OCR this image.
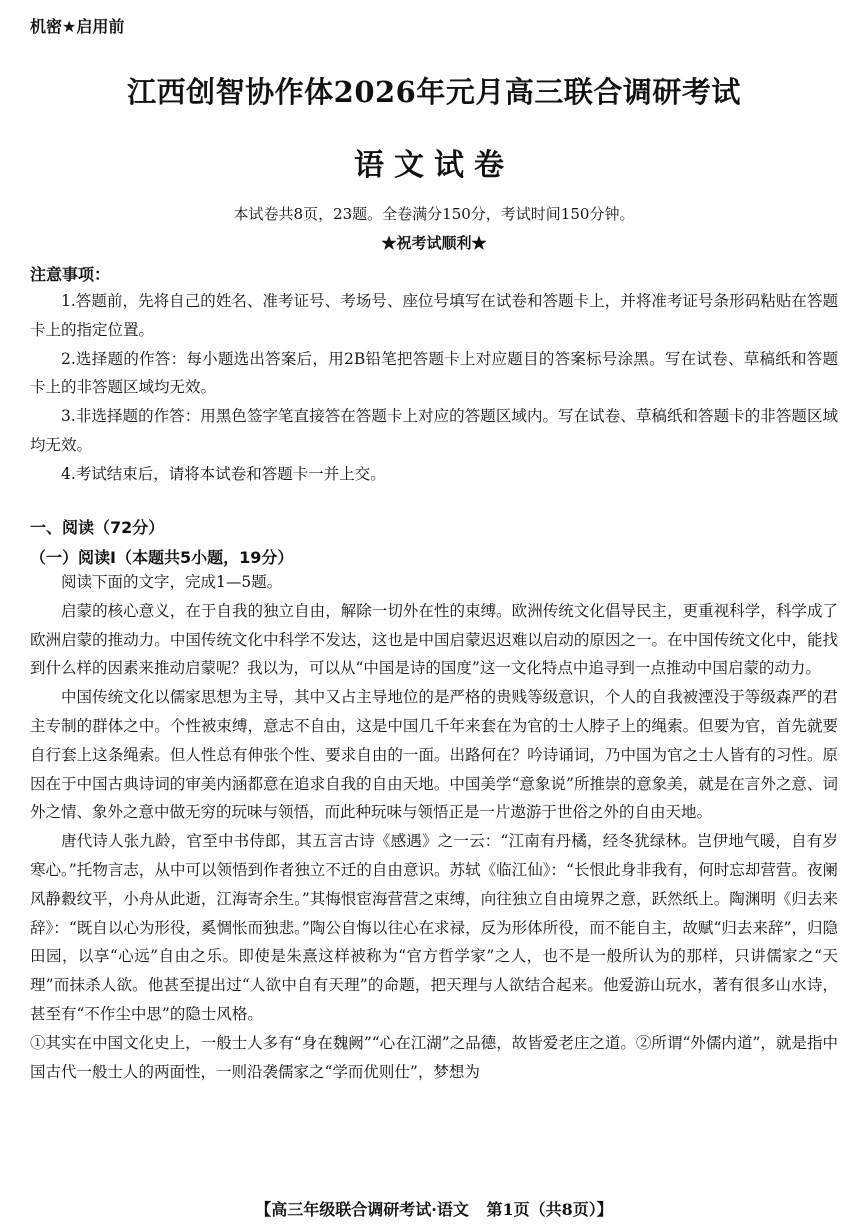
机密★启用前
江西创智协作体2026年元月高三联合调研考试
语文试卷
本试卷共8页，23题。全卷满分150分，考试时间150分钟。
★祝考试顺利★
注意事项：

1.答题前，先将自己的姓名、准考证号、考场号、座位号填写在试卷和答题卡上，并将准考证号条形码粘贴在答题卡上的指定位置。

2.选择题的作答：每小题选出答案后，用2B铅笔把答题卡上对应题目的答案标号涂黑。写在试卷、草稿纸和答题卡上的非答题区域均无效。

3.非选择题的作答：用黑色签字笔直接答在答题卡上对应的答题区域内。写在试卷、草稿纸和答题卡的非答题区域均无效。

4.考试结束后，请将本试卷和答题卡一并上交。

一、阅读（72分）
（一）阅读Ⅰ（本题共5小题，19分）

阅读下面的文字，完成1—5题。

启蒙的核心意义，在于自我的独立自由，解除一切外在性的束缚。欧洲传统文化倡导民主，更重视科学，科学成了欧洲启蒙的推动力。中国传统文化中科学不发达，这也是中国启蒙迟迟难以启动的原因之一。在中国传统文化中，能找到什么样的因素来推动启蒙呢？我以为，可以从“中国是诗的国度”这一文化特点中追寻到一点推动中国启蒙的动力。

中国传统文化以儒家思想为主导，其中又占主导地位的是严格的贵贱等级意识，个人的自我被湮没于等级森严的君主专制的群体之中。个性被束缚，意志不自由，这是中国几千年来套在为官的士人脖子上的绳索。但要为官，首先就要自行套上这条绳索。但人性总有伸张个性、要求自由的一面。出路何在？吟诗诵词，乃中国为官之士人皆有的习性。原因在于中国古典诗词的审美内涵都意在追求自我的自由天地。中国美学“意象说”所推崇的意象美，就是在言外之意、词外之情、象外之意中做无穷的玩味与领悟，而此种玩味与领悟正是一片遨游于世俗之外的自由天地。

唐代诗人张九龄，官至中书侍郎，其五言古诗《感遇》之一云：“江南有丹橘，经冬犹绿林。岂伊地气暖，自有岁寒心。”托物言志，从中可以领悟到作者独立不迁的自由意识。苏轼《临江仙》：“长恨此身非我有，何时忘却营营。夜阑风静縠纹平，小舟从此逝，江海寄余生。”其悔恨宦海营营之束缚，向往独立自由境界之意，跃然纸上。陶渊明《归去来辞》：“既自以心为形役，奚惆怅而独悲。”陶公自悔以往心在求禄，反为形体所役，而不能自主，故赋“归去来辞”，归隐田园，以享“心远”自由之乐。即使是朱熹这样被称为“官方哲学家”之人，也不是一般所认为的那样，只讲儒家之“天理”而抹杀人欲。他甚至提出过“人欲中自有天理”的命题，把天理与人欲结合起来。他爱游山玩水，著有很多山水诗，甚至有“不作尘中思”的隐士风格。

①其实在中国文化史上，一般士人多有“身在魏阙”“心在江湖”之品德，故皆爱老庄之道。②所谓“外儒内道”，就是指中国古代一般士人的两面性，一则沿袭儒家之“学而优则仕”，梦想为

【高三年级联合调研考试·语文 第1页（共8页）】
